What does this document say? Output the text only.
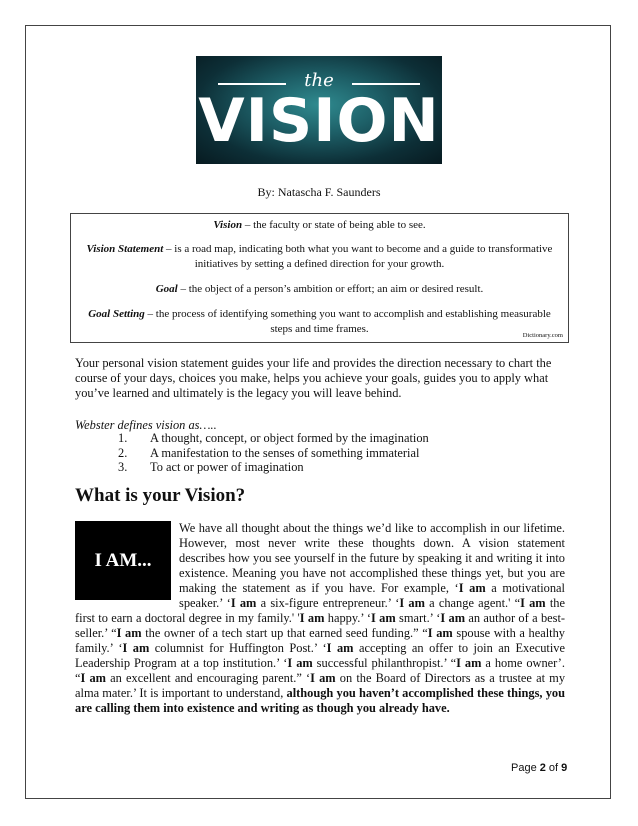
the
VISION
By: Natascha F. Saunders
Vision – the faculty or state of being able to see.
Vision Statement – is a road map, indicating both what you want to become and a guide to transformative initiatives by setting a defined direction for your growth.
Goal – the object of a person’s ambition or effort; an aim or desired result.
Goal Setting – the process of identifying something you want to accomplish and establishing measurable steps and time frames.
Dictionary.com

Your personal vision statement guides your life and provides the direction necessary to chart the course of your days, choices you make, helps you achieve your goals, guides you to apply what you’ve learned and ultimately is the legacy you will leave behind.

Webster defines vision as…..
1. A thought, concept, or object formed by the imagination
2. A manifestation to the senses of something immaterial
3. To act or power of imagination
What is your Vision?

We have all thought about the things we’d like to accomplish in our lifetime. However, most never write these thoughts down. A vision statement describes how you see yourself in the future by speaking it and writing it into existence. Meaning you have not accomplished these things yet, but you are making the statement as if you have. For example, ‘I am a motivational speaker.’ ‘I am a six-figure entrepreneur.’ ‘I am a change agent.' “I am the first to earn a doctoral degree in my family.' 'I am happy.’ ‘I am smart.’ ‘I am an author of a best-seller.’ “I am the owner of a tech start up that earned seed funding.” “I am spouse with a healthy family.’ ‘I am columnist for Huffington Post.’ ‘I am accepting an offer to join an Executive Leadership Program at a top institution.’ ‘I am successful philanthropist.’ “I am a home owner’. “I am an excellent and encouraging parent.” ‘I am on the Board of Directors as a trustee at my alma mater.’ It is important to understand, although you haven’t accomplished these things, you are calling them into existence and writing as though you already have.

I AM...
Page 2 of 9
